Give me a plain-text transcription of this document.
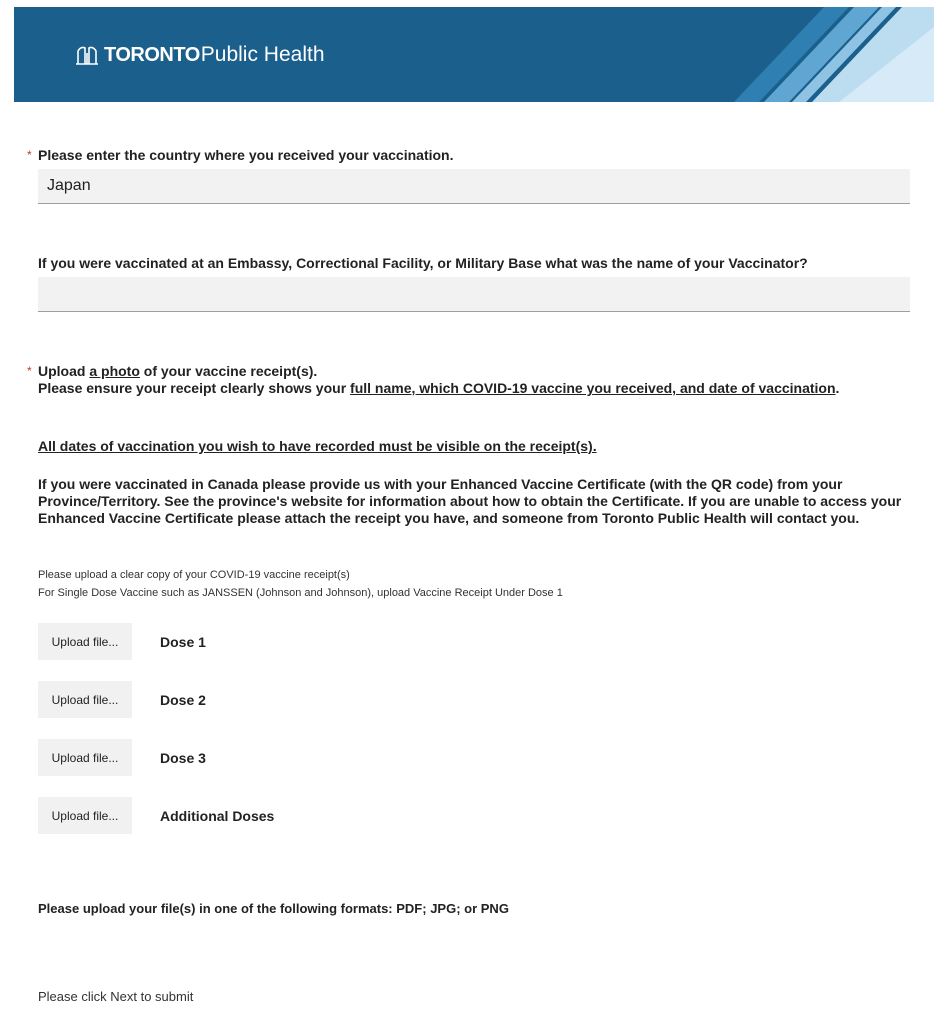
TORONTO Public Health
* Please enter the country where you received your vaccination.
Japan
If you were vaccinated at an Embassy, Correctional Facility, or Military Base what was the name of your Vaccinator?
* Upload a photo of your vaccine receipt(s).
Please ensure your receipt clearly shows your full name, which COVID-19 vaccine you received, and date of vaccination.
All dates of vaccination you wish to have recorded must be visible on the receipt(s).
If you were vaccinated in Canada please provide us with your Enhanced Vaccine Certificate (with the QR code) from your Province/Territory. See the province's website for information about how to obtain the Certificate. If you are unable to access your Enhanced Vaccine Certificate please attach the receipt you have, and someone from Toronto Public Health will contact you.
Please upload a clear copy of your COVID-19 vaccine receipt(s)
For Single Dose Vaccine such as JANSSEN (Johnson and Johnson), upload Vaccine Receipt Under Dose 1
Upload file...	Dose 1
Upload file...	Dose 2
Upload file...	Dose 3
Upload file...	Additional Doses
Please upload your file(s) in one of the following formats: PDF; JPG; or PNG
Please click Next to submit
